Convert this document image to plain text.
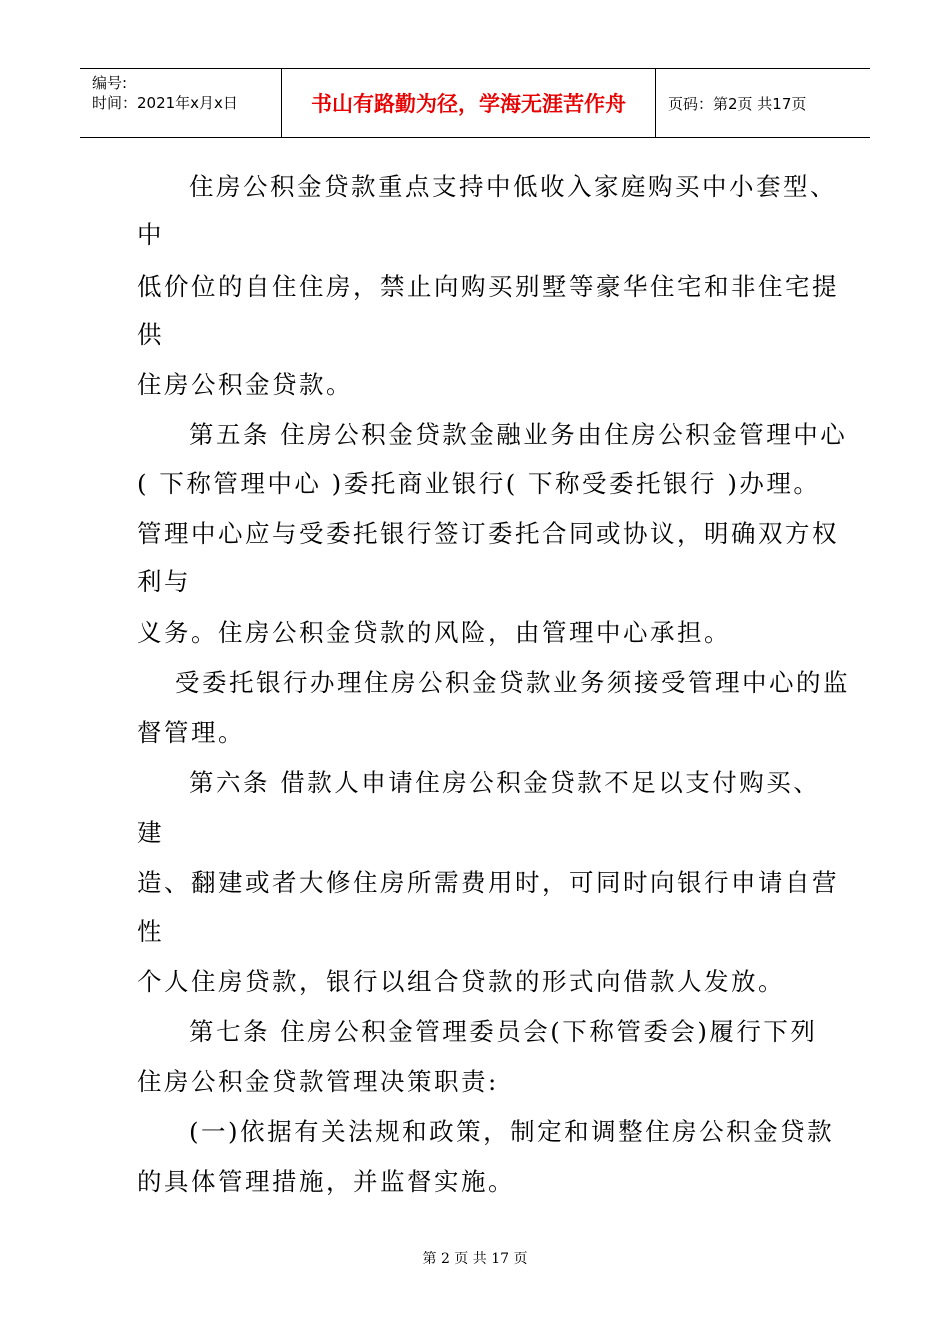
编号:
时间：2021年x月x日	书山有路勤为径，学海无涯苦作舟	页码：第2页 共17页
住房公积金贷款重点支持中低收入家庭购买中小套型、
中
低价位的自住住房，禁止向购买别墅等豪华住宅和非住宅提
供
住房公积金贷款。
第五条 住房公积金贷款金融业务由住房公积金管理中心
( 下称管理中心 )委托商业银行( 下称受委托银行 )办理。
管理中心应与受委托银行签订委托合同或协议，明确双方权
利与
义务。住房公积金贷款的风险，由管理中心承担。
受委托银行办理住房公积金贷款业务须接受管理中心的监
督管理。
第六条 借款人申请住房公积金贷款不足以支付购买、
建
造、翻建或者大修住房所需费用时，可同时向银行申请自营
性
个人住房贷款，银行以组合贷款的形式向借款人发放。
第七条 住房公积金管理委员会(下称管委会)履行下列
住房公积金贷款管理决策职责:
(一)依据有关法规和政策，制定和调整住房公积金贷款
的具体管理措施，并监督实施。
第 2 页 共 17 页
